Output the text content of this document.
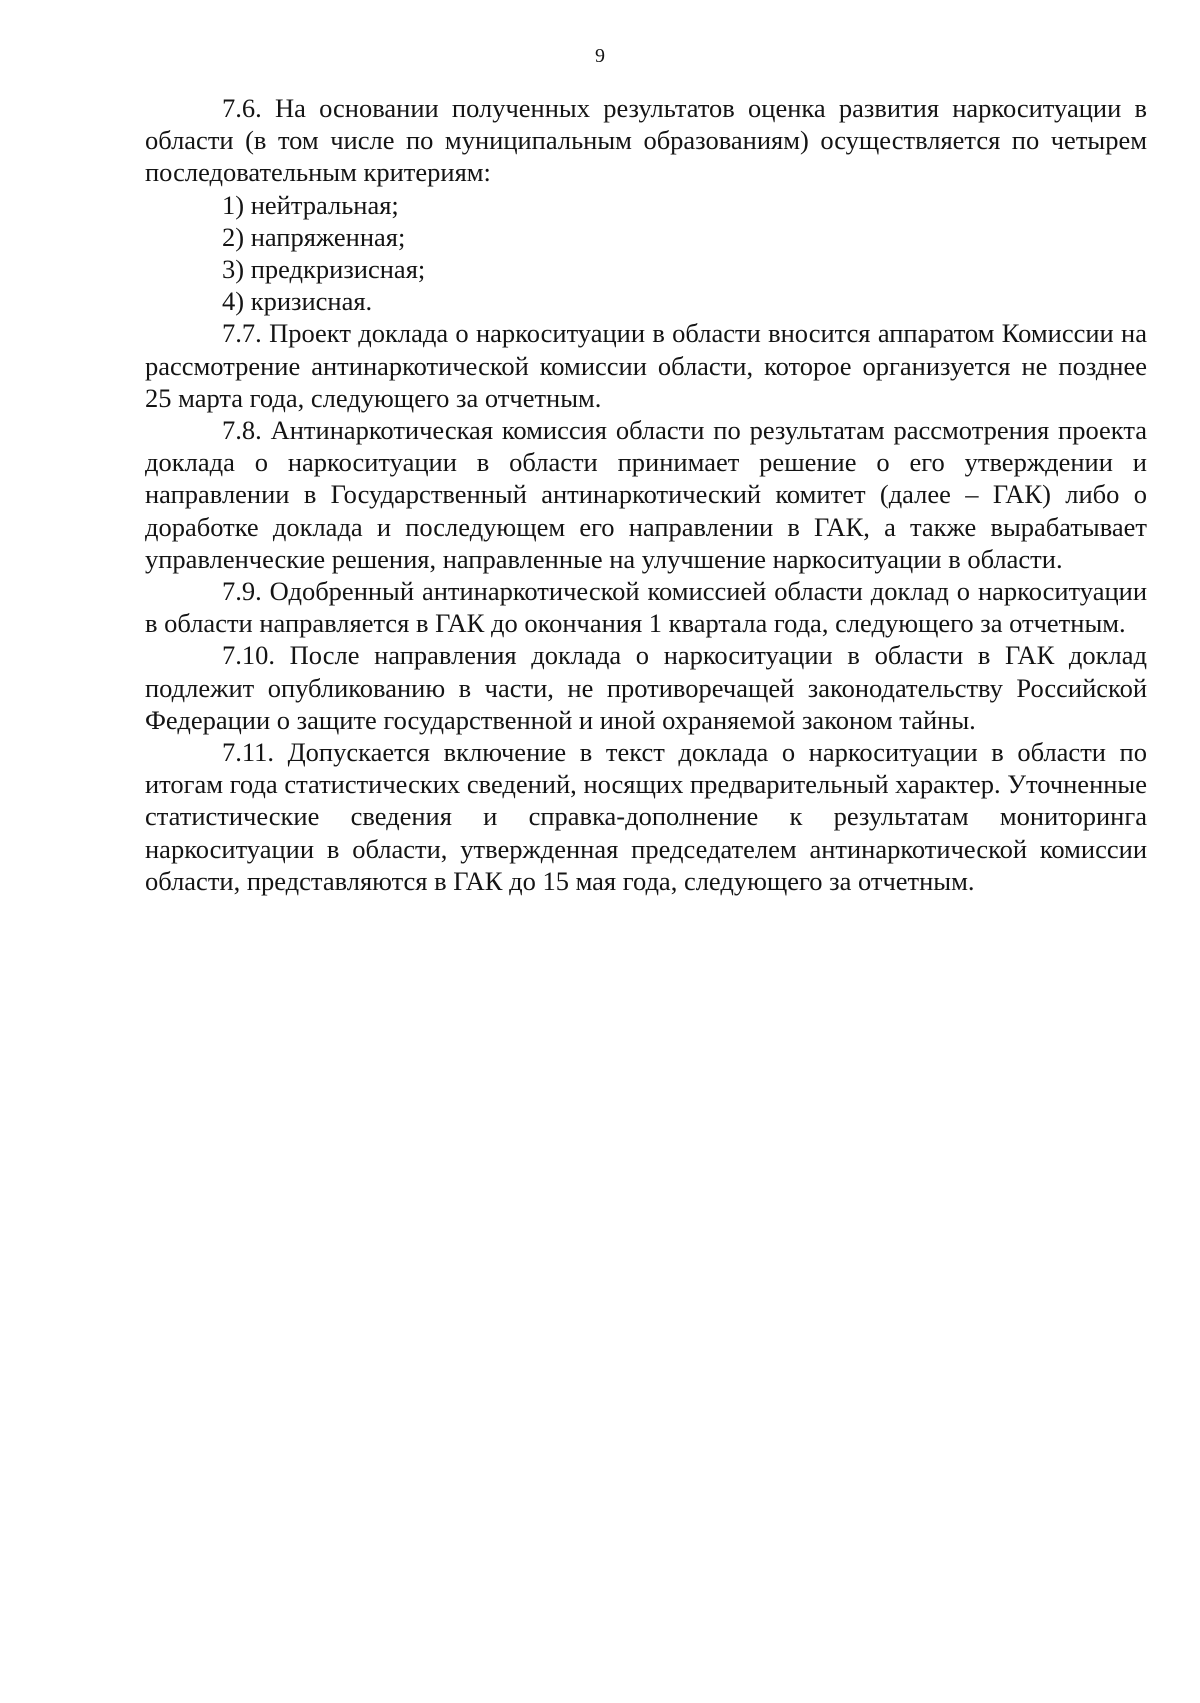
9

7.6. На основании полученных результатов оценка развития наркоситуации в области (в том числе по муниципальным образованиям) осуществляется по четырем последовательным критериям:

1) нейтральная;

2) напряженная;

3) предкризисная;

4) кризисная.

7.7. Проект доклада о наркоситуации в области вносится аппаратом Комиссии на рассмотрение антинаркотической комиссии области, которое организуется не позднее 25 марта года, следующего за отчетным.

7.8. Антинаркотическая комиссия области по результатам рассмотрения проекта доклада о наркоситуации в области принимает решение о его утверждении и направлении в Государственный антинаркотический комитет (далее – ГАК) либо о доработке доклада и последующем его направлении в ГАК, а также вырабатывает управленческие решения, направленные на улучшение наркоситуации в области.

7.9. Одобренный антинаркотической комиссией области доклад о наркоситуации в области направляется в ГАК до окончания 1 квартала года, следующего за отчетным.

7.10. После направления доклада о наркоситуации в области в ГАК доклад подлежит опубликованию в части, не противоречащей законодательству Российской Федерации о защите государственной и иной охраняемой законом тайны.

7.11. Допускается включение в текст доклада о наркоситуации в области по итогам года статистических сведений, носящих предварительный характер. Уточненные статистические сведения и справка-дополнение к результатам мониторинга наркоситуации в области, утвержденная председателем антинаркотической комиссии области, представляются в ГАК до 15 мая года, следующего за отчетным.
